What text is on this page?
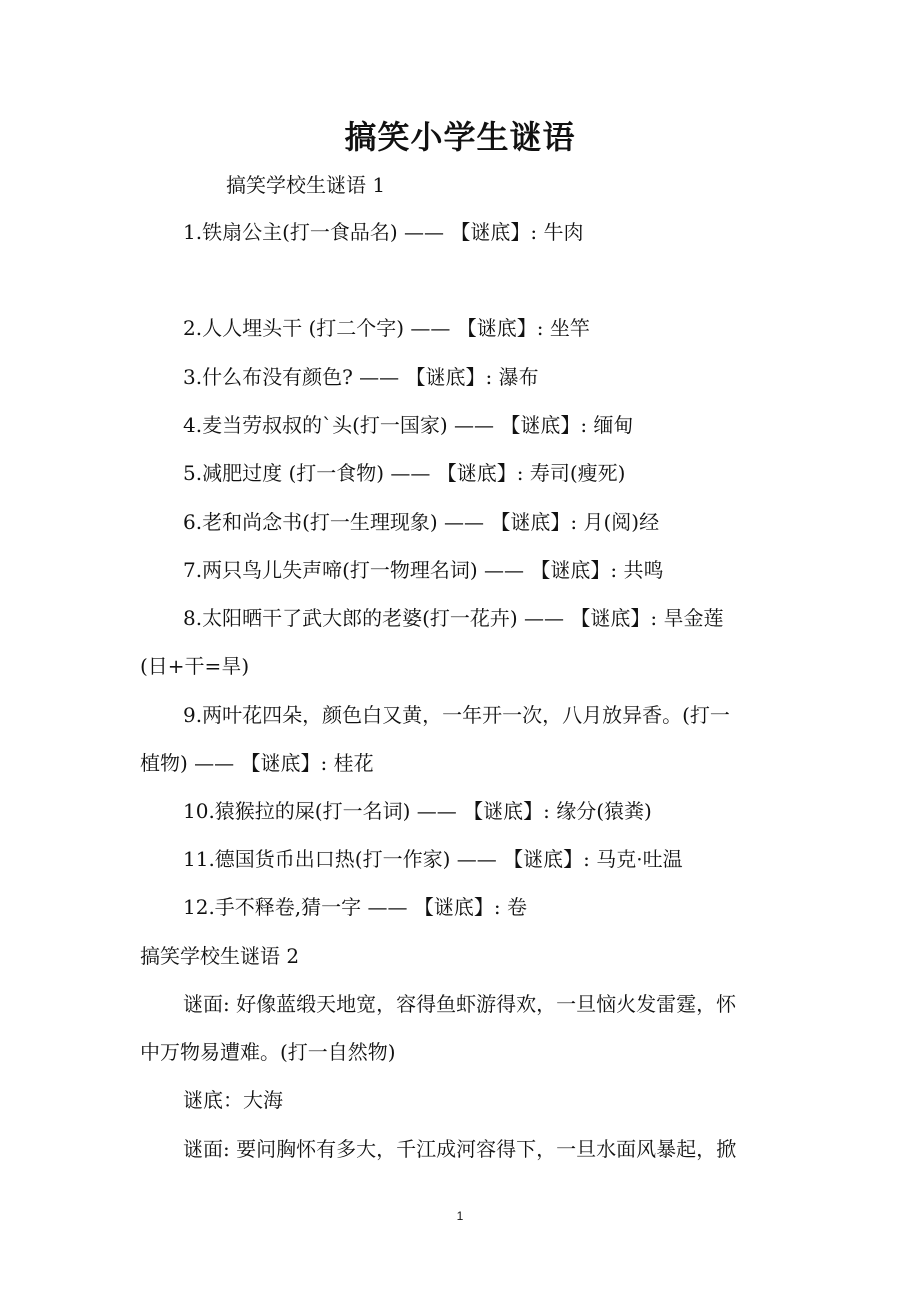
搞笑小学生谜语
搞笑学校生谜语 1
1.铁扇公主(打一食品名) —— 【谜底】: 牛肉
2.人人埋头干 (打二个字) —— 【谜底】: 坐竿
3.什么布没有颜色? —— 【谜底】: 瀑布
4.麦当劳叔叔的`头(打一国家) —— 【谜底】: 缅甸
5.减肥过度 (打一食物) —— 【谜底】: 寿司(瘦死)
6.老和尚念书(打一生理现象) —— 【谜底】: 月(阅)经
7.两只鸟儿失声啼(打一物理名词) —— 【谜底】: 共鸣
8.太阳晒干了武大郎的老婆(打一花卉) —— 【谜底】: 旱金莲
(日+干=旱)
9.两叶花四朵，颜色白又黄，一年开一次，八月放异香。(打一
植物) —— 【谜底】: 桂花
10.猿猴拉的屎(打一名词) —— 【谜底】: 缘分(猿粪)
11.德国货币出口热(打一作家) —— 【谜底】: 马克·吐温
12.手不释卷,猜一字 —— 【谜底】: 卷
搞笑学校生谜语 2
谜面: 好像蓝缎天地宽，容得鱼虾游得欢，一旦恼火发雷霆，怀
中万物易遭难。(打一自然物)
谜底：大海
谜面: 要问胸怀有多大，千江成河容得下，一旦水面风暴起，掀
1
